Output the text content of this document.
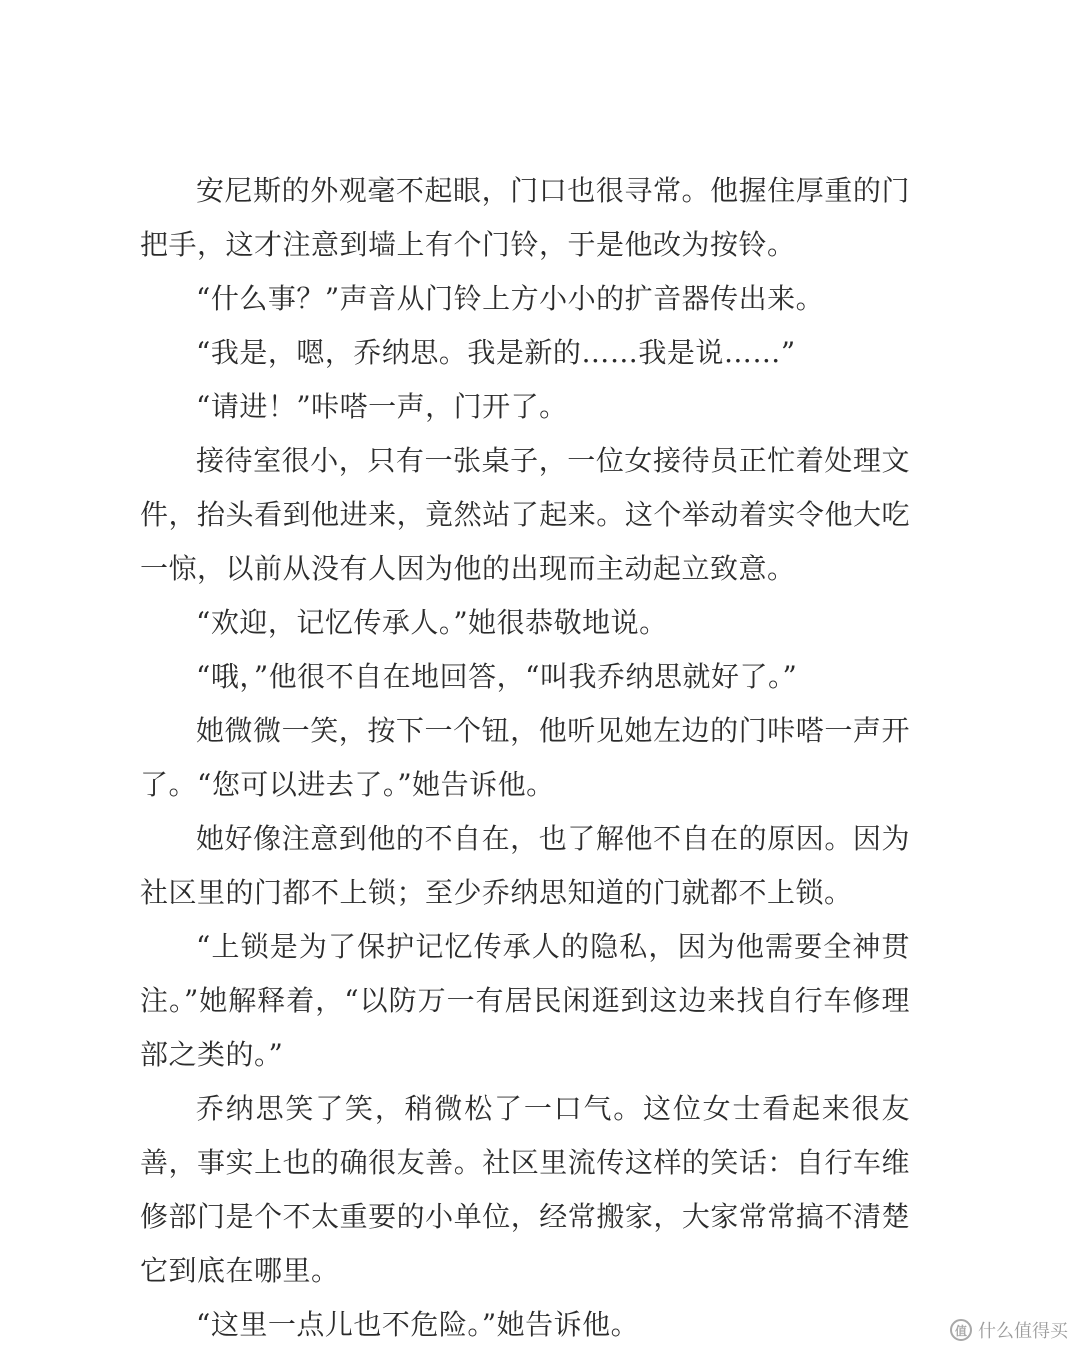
安尼斯的外观毫不起眼，门口也很寻常。他握住厚重的门把手，这才注意到墙上有个门铃，于是他改为按铃。

“什么事？”声音从门铃上方小小的扩音器传出来。

“我是，嗯，乔纳思。我是新的……我是说……”

“请进！”咔嗒一声，门开了。

接待室很小，只有一张桌子，一位女接待员正忙着处理文件，抬头看到他进来，竟然站了起来。这个举动着实令他大吃一惊，以前从没有人因为他的出现而主动起立致意。

“欢迎，记忆传承人。”她很恭敬地说。

“哦，”他很不自在地回答，“叫我乔纳思就好了。”

她微微一笑，按下一个钮，他听见她左边的门咔嗒一声开了。“您可以进去了。”她告诉他。

她好像注意到他的不自在，也了解他不自在的原因。因为社区里的门都不上锁；至少乔纳思知道的门就都不上锁。

“上锁是为了保护记忆传承人的隐私，因为他需要全神贯注。”她解释着，“以防万一有居民闲逛到这边来找自行车修理部之类的。”

乔纳思笑了笑，稍微松了一口气。这位女士看起来很友善，事实上也的确很友善。社区里流传这样的笑话：自行车维修部门是个不太重要的小单位，经常搬家，大家常常搞不清楚它到底在哪里。

“这里一点儿也不危险。”她告诉他。	值 什么值得买
